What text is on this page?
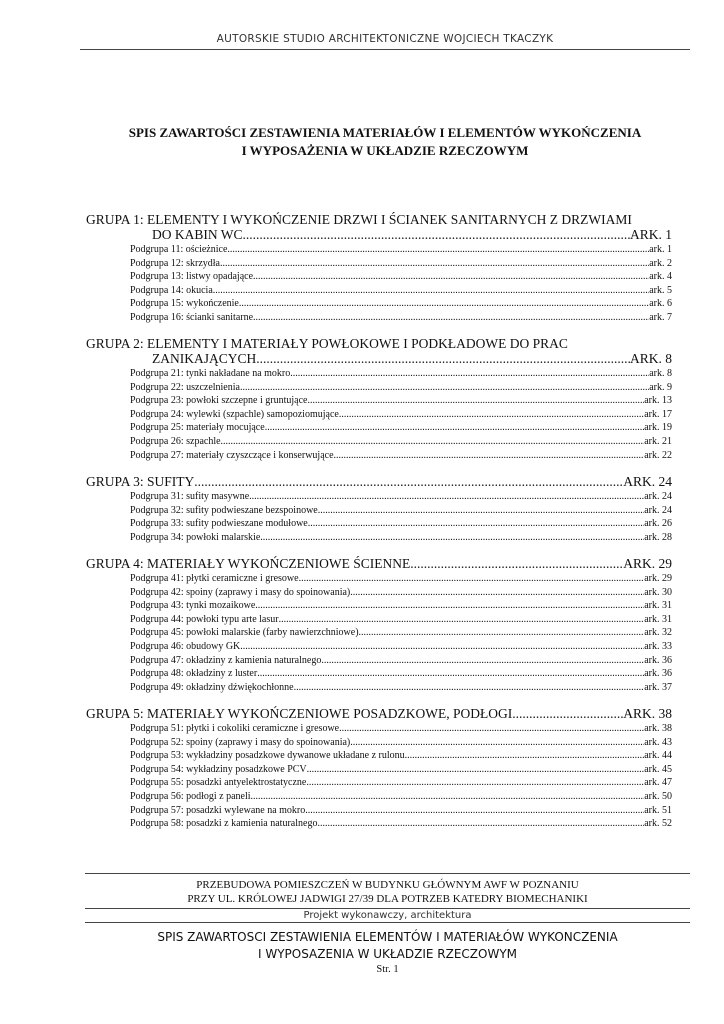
AUTORSKIE STUDIO ARCHITEKTONICZNE WOJCIECH TKACZYK
SPIS ZAWARTOŚCI ZESTAWIENIA MATERIAŁÓW I ELEMENTÓW WYKOŃCZENIA
I WYPOSAŻENIA W UKŁADZIE RZECZOWYM
GRUPA 1: ELEMENTY I WYKOŃCZENIE DRZWI I ŚCIANEK SANITARNYCH Z DRZWIAMI
DO KABIN WC .....	ARK. 1
Podgrupa 11: ościeżnice .....	ark. 1
Podgrupa 12: skrzydła .....	ark. 2
Podgrupa 13: listwy opadające .....	ark. 4
Podgrupa 14: okucia .....	ark. 5
Podgrupa 15: wykończenie .....	ark. 6
Podgrupa 16: ścianki sanitarne .....	ark. 7
GRUPA 2: ELEMENTY I MATERIAŁY POWŁOKOWE I PODKŁADOWE DO PRAC
ZANIKAJĄCYCH .....	ARK. 8
Podgrupa 21: tynki nakładane na mokro .....	ark. 8
Podgrupa 22: uszczelnienia .....	ark. 9
Podgrupa 23: powłoki szczepne i gruntujące .....	ark. 13
Podgrupa 24: wylewki (szpachle) samopoziomujące .....	ark. 17
Podgrupa 25: materiały mocujące .....	ark. 19
Podgrupa 26: szpachle .....	ark. 21
Podgrupa 27: materiały czyszczące i konserwujące .....	ark. 22
GRUPA 3: SUFITY .....	ARK. 24
Podgrupa 31: sufity masywne .....	ark. 24
Podgrupa 32: sufity podwieszane bezspoinowe .....	ark. 24
Podgrupa 33: sufity podwieszane modułowe .....	ark. 26
Podgrupa 34: powłoki malarskie .....	ark. 28
GRUPA 4: MATERIAŁY WYKOŃCZENIOWE ŚCIENNE .....	ARK. 29
Podgrupa 41: płytki ceramiczne i gresowe .....	ark. 29
Podgrupa 42: spoiny (zaprawy i masy do spoinowania) .....	ark. 30
Podgrupa 43: tynki mozaikowe .....	ark. 31
Podgrupa 44: powłoki typu arte lasur .....	ark. 31
Podgrupa 45: powłoki malarskie (farby nawierzchniowe) .....	ark. 32
Podgrupa 46: obudowy GK .....	ark. 33
Podgrupa 47: okładziny z kamienia naturalnego .....	ark. 36
Podgrupa 48: okładziny z luster .....	ark. 36
Podgrupa 49: okładziny dźwiękochłonne .....	ark. 37
GRUPA 5: MATERIAŁY WYKOŃCZENIOWE POSADZKOWE, PODŁOGI .....	ARK. 38
Podgrupa 51: płytki i cokoliki ceramiczne i gresowe .....	ark. 38
Podgrupa 52: spoiny (zaprawy i masy do spoinowania) .....	ark. 43
Podgrupa 53: wykładziny posadzkowe dywanowe układane z rulonu .....	ark. 44
Podgrupa 54: wykładziny posadzkowe PCV .....	ark. 45
Podgrupa 55: posadzki antyelektrostatyczne .....	ark. 47
Podgrupa 56: podłogi z paneli .....	ark. 50
Podgrupa 57: posadzki wylewane na mokro .....	ark. 51
Podgrupa 58: posadzki z kamienia naturalnego .....	ark. 52
PRZEBUDOWA POMIESZCZEŃ W BUDYNKU GŁÓWNYM AWF W POZNANIU
PRZY UL. KRÓLOWEJ JADWIGI 27/39 DLA POTRZEB KATEDRY BIOMECHANIKI
Projekt wykonawczy, architektura
SPIS ZAWARTOSCI ZESTAWIENIA ELEMENTÓW I MATERIAŁÓW WYKONCZENIA
I WYPOSAZENIA W UKŁADZIE RZECZOWYM
Str. 1
